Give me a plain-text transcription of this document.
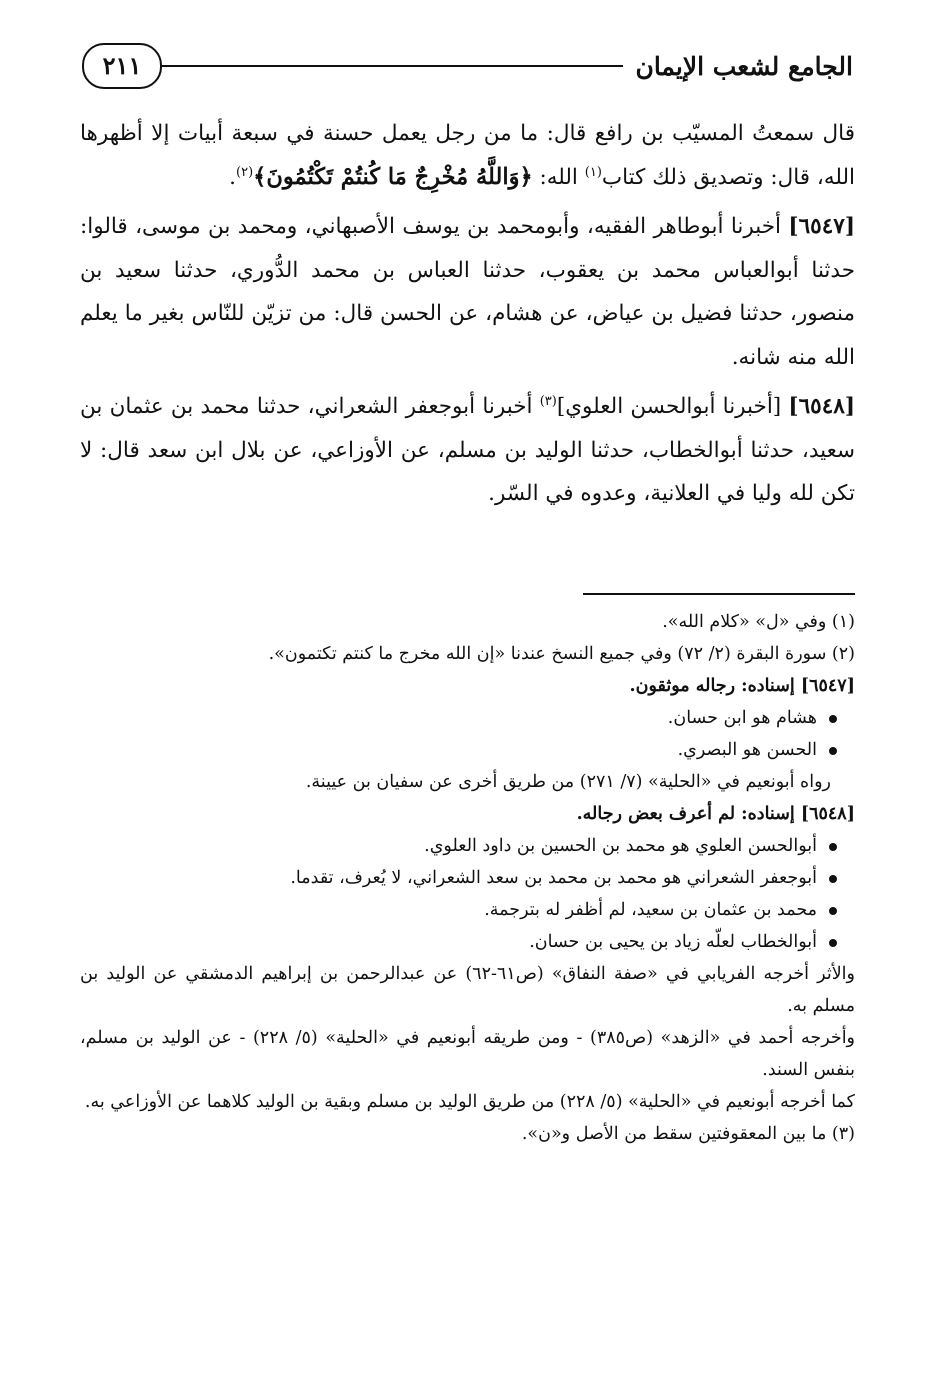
الجامع لشعب الإيمان
٢١١

قال سمعتُ المسيّب بن رافع قال: ما من رجل يعمل حسنة في سبعة أبيات إلا أظهرها الله، قال: وتصديق ذلك كتاب$^{(١)}$ الله: ﴿وَاللَّهُ مُخْرِجٌ مَا كُنتُمْ تَكْتُمُونَ﴾$^{(٢)}$.

[٦٥٤٧] أخبرنا أبوطاهر الفقيه، وأبومحمد بن يوسف الأصبهاني، ومحمد بن موسى، قالوا: حدثنا أبوالعباس محمد بن يعقوب، حدثنا العباس بن محمد الدُّوري، حدثنا سعيد بن منصور، حدثنا فضيل بن عياض، عن هشام، عن الحسن قال: من تزيّن للنّاس بغير ما يعلم الله منه شانه.

[٦٥٤٨] [أخبرنا أبوالحسن العلوي]$^{(٣)}$ أخبرنا أبوجعفر الشعراني، حدثنا محمد بن عثمان بن سعيد، حدثنا أبوالخطاب، حدثنا الوليد بن مسلم، عن الأوزاعي، عن بلال ابن سعد قال: لا تكن لله وليا في العلانية، وعدوه في السّر.

(١) وفي «ل» «كلام الله».

(٢) سورة البقرة (٢/ ٧٢) وفي جميع النسخ عندنا «إن الله مخرج ما كنتم تكتمون».

[٦٥٤٧] إسناده: رجاله موثقون.

هشام هو ابن حسان.
الحسن هو البصري.

رواه أبونعيم في «الحلية» (٧/ ٢٧١) من طريق أخرى عن سفيان بن عيينة.

[٦٥٤٨] إسناده: لم أعرف بعض رجاله.

أبوالحسن العلوي هو محمد بن الحسين بن داود العلوي.
أبوجعفر الشعراني هو محمد بن محمد بن سعد الشعراني، لا يُعرف، تقدما.
محمد بن عثمان بن سعيد، لم أظفر له بترجمة.
أبوالخطاب لعلّه زياد بن يحيى بن حسان.

والأثر أخرجه الفريابي في «صفة النفاق» (ص٦١-٦٢) عن عبدالرحمن بن إبراهيم الدمشقي عن الوليد بن مسلم به.

وأخرجه أحمد في «الزهد» (ص٣٨٥) - ومن طريقه أبونعيم في «الحلية» (٥/ ٢٢٨) - عن الوليد بن مسلم، بنفس السند.

كما أخرجه أبونعيم في «الحلية» (٥/ ٢٢٨) من طريق الوليد بن مسلم وبقية بن الوليد كلاهما عن الأوزاعي به.

(٣) ما بين المعقوفتين سقط من الأصل و«ن».
